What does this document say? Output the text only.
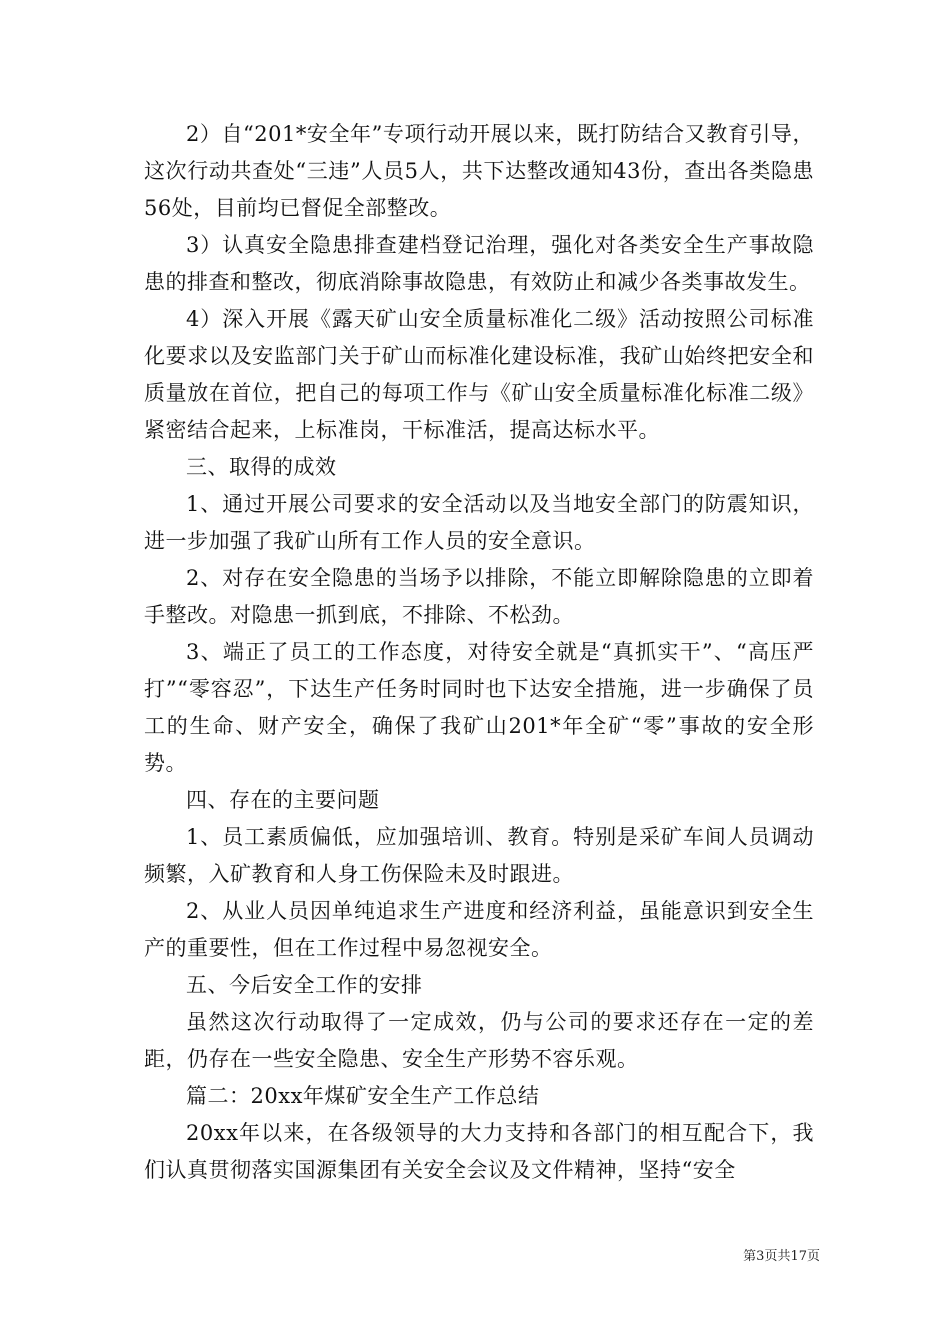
2）自“201*安全年”专项行动开展以来，既打防结合又教育引导，这次行动共查处“三违”人员5人，共下达整改通知43份，查出各类隐患56处，目前均已督促全部整改。

3）认真安全隐患排查建档登记治理，强化对各类安全生产事故隐患的排查和整改，彻底消除事故隐患，有效防止和减少各类事故发生。

4）深入开展《露天矿山安全质量标准化二级》活动按照公司标准化要求以及安监部门关于矿山而标准化建设标准，我矿山始终把安全和质量放在首位，把自己的每项工作与《矿山安全质量标准化标准二级》紧密结合起来，上标准岗，干标准活，提高达标水平。

三、取得的成效

1、通过开展公司要求的安全活动以及当地安全部门的防震知识，进一步加强了我矿山所有工作人员的安全意识。

2、对存在安全隐患的当场予以排除，不能立即解除隐患的立即着手整改。对隐患一抓到底，不排除、不松劲。

3、端正了员工的工作态度，对待安全就是“真抓实干”、“高压严打”“零容忍”，下达生产任务时同时也下达安全措施，进一步确保了员工的生命、财产安全，确保了我矿山201*年全矿“零”事故的安全形势。

四、存在的主要问题

1、员工素质偏低，应加强培训、教育。特别是采矿车间人员调动频繁，入矿教育和人身工伤保险未及时跟进。

2、从业人员因单纯追求生产进度和经济利益，虽能意识到安全生产的重要性，但在工作过程中易忽视安全。

五、今后安全工作的安排

虽然这次行动取得了一定成效，仍与公司的要求还存在一定的差距，仍存在一些安全隐患、安全生产形势不容乐观。

篇二：20xx年煤矿安全生产工作总结

20xx年以来，在各级领导的大力支持和各部门的相互配合下，我们认真贯彻落实国源集团有关安全会议及文件精神，坚持“安全

第3页共17页
